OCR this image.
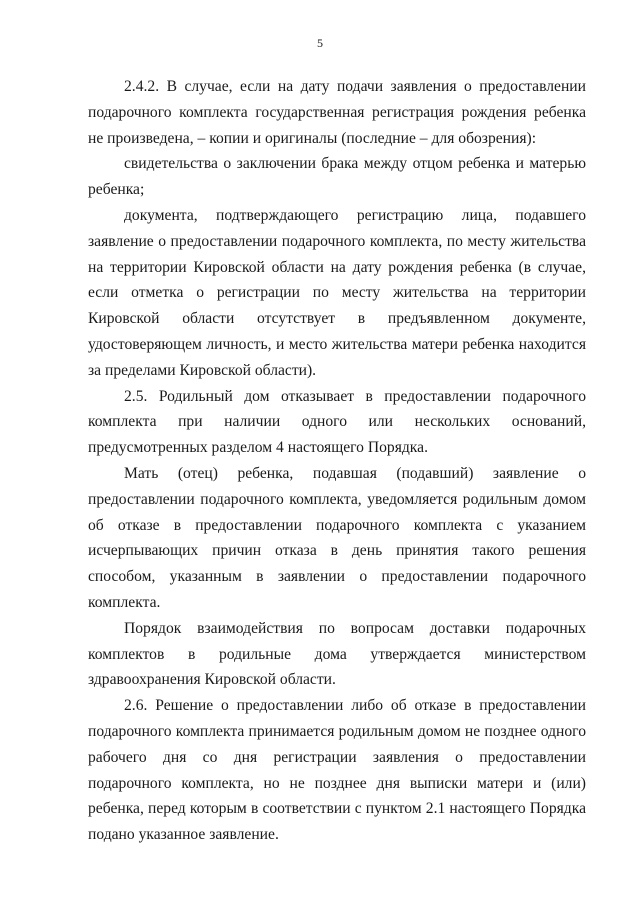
5

2.4.2. В случае, если на дату подачи заявления о предоставлении подарочного комплекта государственная регистрация рождения ребенка не произведена, – копии и оригиналы (последние – для обозрения):

свидетельства о заключении брака между отцом ребенка и матерью ребенка;

документа, подтверждающего регистрацию лица, подавшего заявление о предоставлении подарочного комплекта, по месту жительства на территории Кировской области на дату рождения ребенка (в случае, если отметка о регистрации по месту жительства на территории Кировской области отсутствует в предъявленном документе, удостоверяющем личность, и место жительства матери ребенка находится за пределами Кировской области).

2.5. Родильный дом отказывает в предоставлении подарочного комплекта при наличии одного или нескольких оснований, предусмотренных разделом 4 настоящего Порядка.

Мать (отец) ребенка, подавшая (подавший) заявление о предоставлении подарочного комплекта, уведомляется родильным домом об отказе в предоставлении подарочного комплекта с указанием исчерпывающих причин отказа в день принятия такого решения способом, указанным в заявлении о предоставлении подарочного комплекта.

Порядок взаимодействия по вопросам доставки подарочных комплектов в родильные дома утверждается министерством здравоохранения Кировской области.

2.6. Решение о предоставлении либо об отказе в предоставлении подарочного комплекта принимается родильным домом не позднее одного рабочего дня со дня регистрации заявления о предоставлении подарочного комплекта, но не позднее дня выписки матери и (или) ребенка, перед которым в соответствии с пунктом 2.1 настоящего Порядка подано указанное заявление.
